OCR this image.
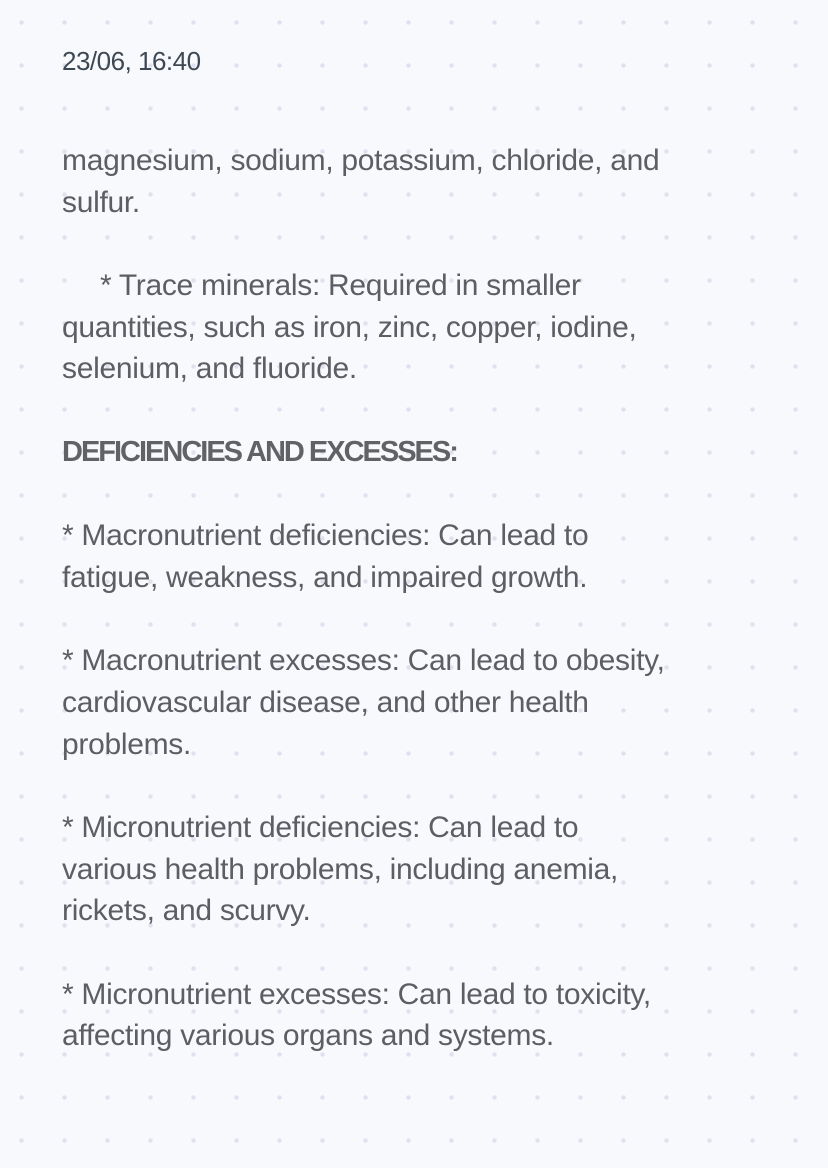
23/06, 16:40
magnesium, sodium, potassium, chloride, and
sulfur.
* Trace minerals: Required in smaller
quantities, such as iron, zinc, copper, iodine,
selenium, and fluoride.
DEFICIENCIES AND EXCESSES:
* Macronutrient deficiencies: Can lead to
fatigue, weakness, and impaired growth.
* Macronutrient excesses: Can lead to obesity,
cardiovascular disease, and other health
problems.
* Micronutrient deficiencies: Can lead to
various health problems, including anemia,
rickets, and scurvy.
* Micronutrient excesses: Can lead to toxicity,
affecting various organs and systems.
